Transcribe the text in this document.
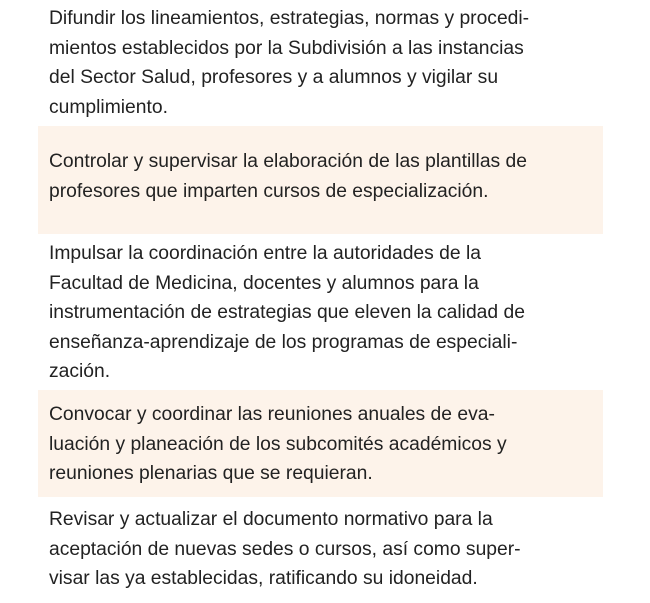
Difundir los lineamientos, estrategias, normas y procedi-
mientos establecidos por la Subdivisión a las instancias
del Sector Salud, profesores y a alumnos y vigilar su
cumplimiento.
Controlar y supervisar la elaboración de las plantillas de
profesores que imparten cursos de especialización.
Impulsar la coordinación entre la autoridades de la
Facultad de Medicina, docentes y alumnos para la
instrumentación de estrategias que eleven la calidad de
enseñanza-aprendizaje de los programas de especiali-
zación.
Convocar y coordinar las reuniones anuales de eva-
luación y planeación de los subcomités académicos y
reuniones plenarias que se requieran.
Revisar y actualizar el documento normativo para la
aceptación de nuevas sedes o cursos, así como super-
visar las ya establecidas, ratificando su idoneidad.
